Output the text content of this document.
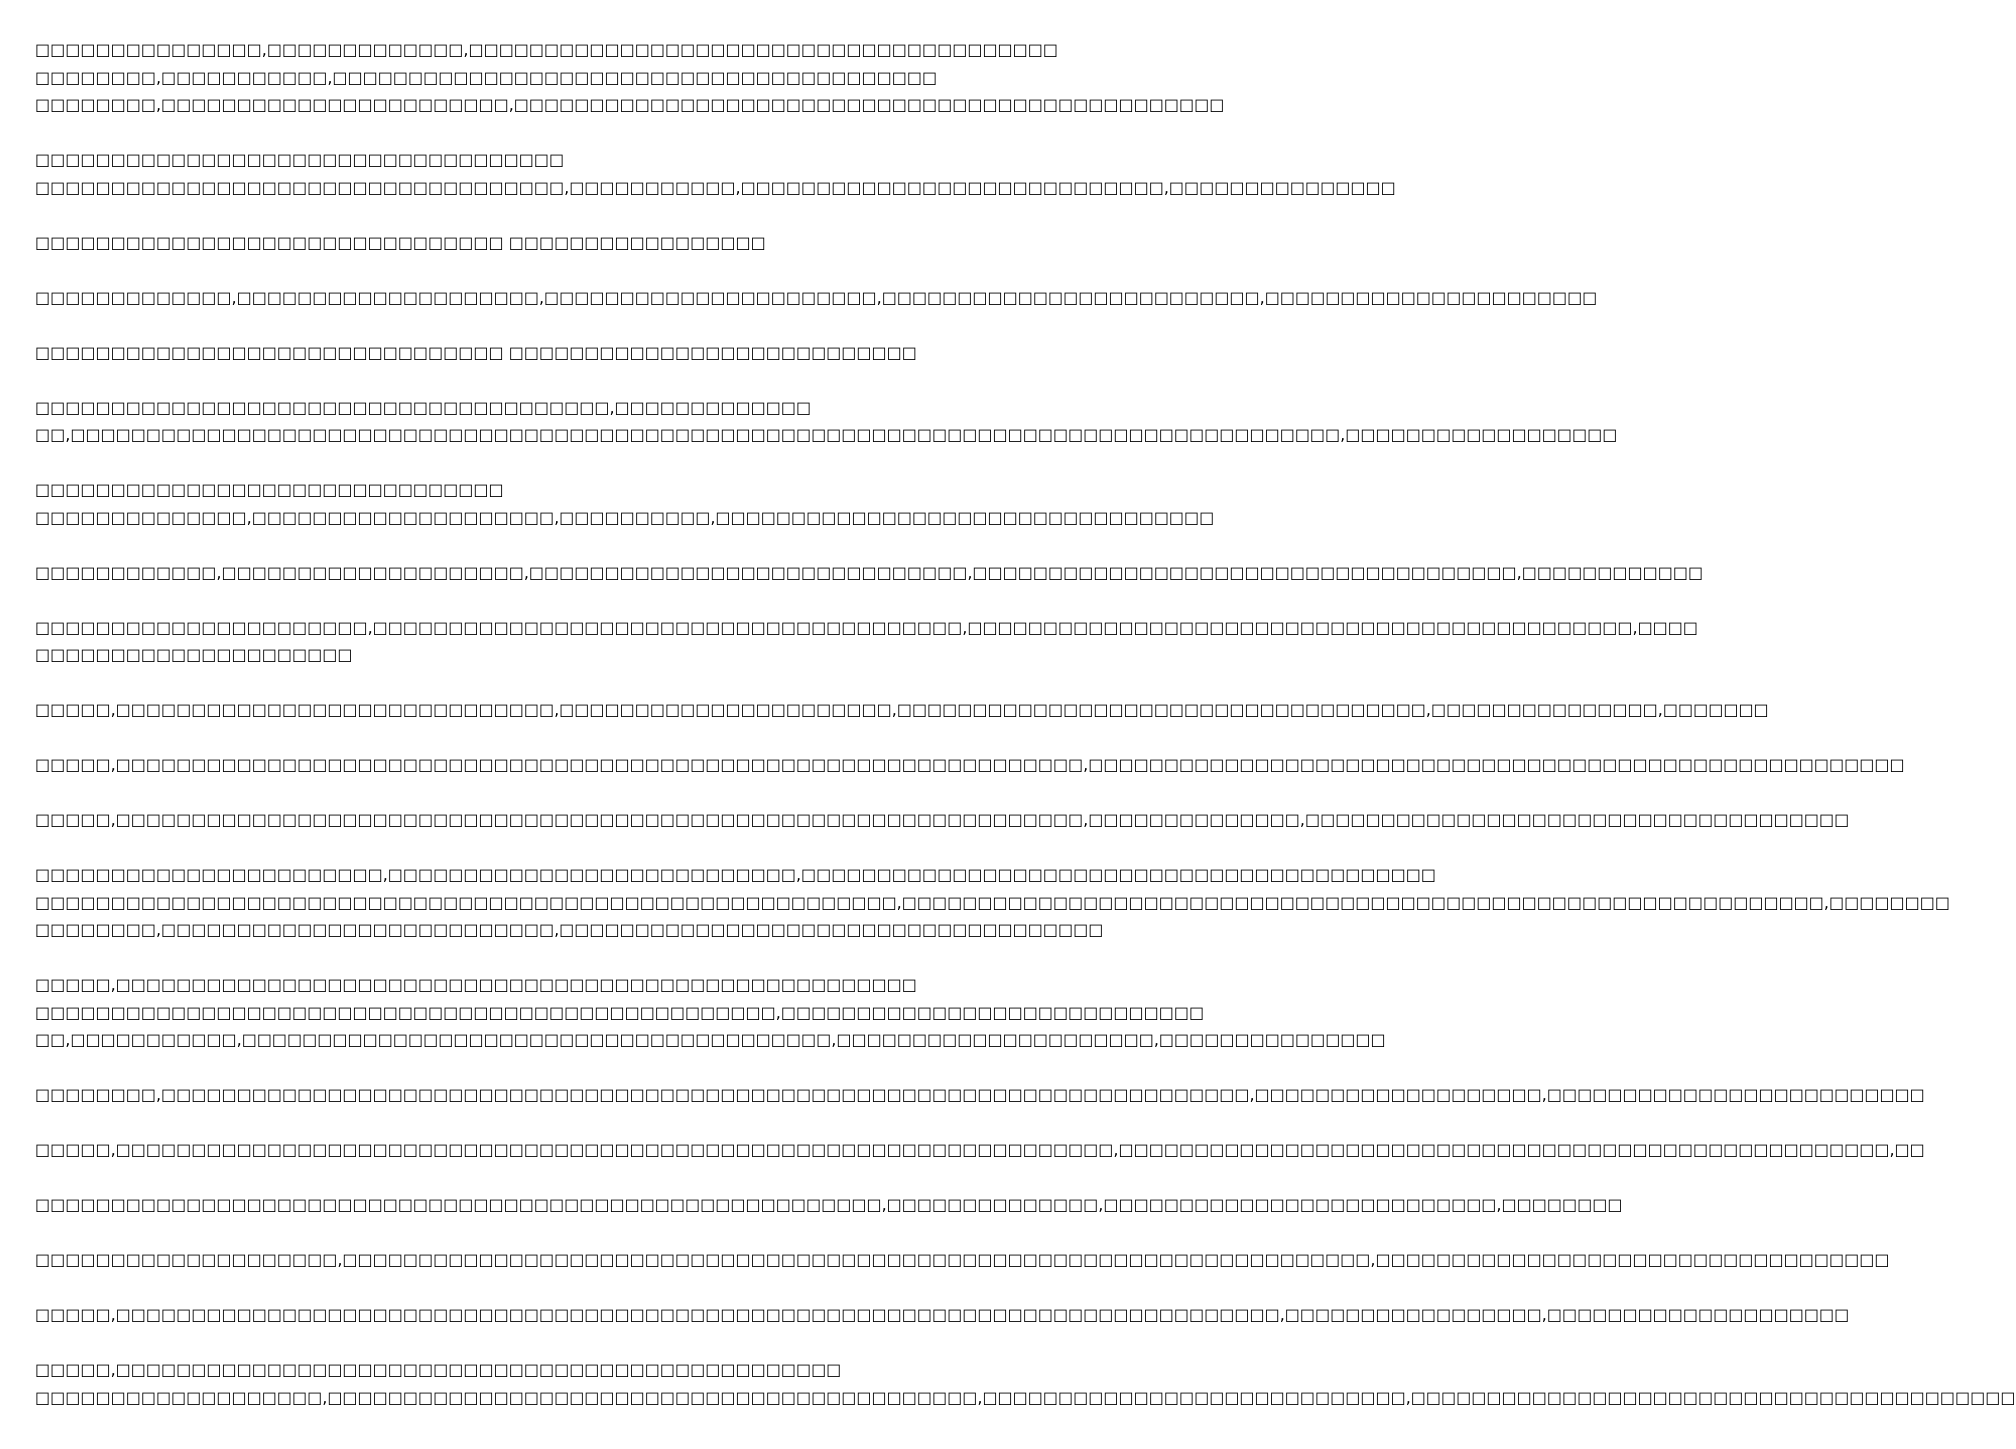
□□□□□□□□□□□□□□□,□□□□□□□□□□□□□,□□□□□□□□□□□□□□□□□□□□□□□□□□□□□□□□□□□□□□□
□□□□□□□□,□□□□□□□□□□□,□□□□□□□□□□□□□□□□□□□□□□□□□□□□□□□□□□□□□□□□
□□□□□□□□,□□□□□□□□□□□□□□□□□□□□□□□,□□□□□□□□□□□□□□□□□□□□□□□□□□□□□□□□□□□□□□□□□□□□□□□

□□□□□□□□□□□□□□□□□□□□□□□□□□□□□□□□□□□
□□□□□□□□□□□□□□□□□□□□□□□□□□□□□□□□□□□,□□□□□□□□□□□,□□□□□□□□□□□□□□□□□□□□□□□□□□□□,□□□□□□□□□□□□□□□

□□□□□□□□□□□□□□□□□□□□□□□□□□□□□□□ □□□□□□□□□□□□□□□□□

□□□□□□□□□□□□□,□□□□□□□□□□□□□□□□□□□□,□□□□□□□□□□□□□□□□□□□□□□,□□□□□□□□□□□□□□□□□□□□□□□□□,□□□□□□□□□□□□□□□□□□□□□□

□□□□□□□□□□□□□□□□□□□□□□□□□□□□□□□ □□□□□□□□□□□□□□□□□□□□□□□□□□□

□□□□□□□□□□□□□□□□□□□□□□□□□□□□□□□□□□□□□□,□□□□□□□□□□□□□
□□,□□□□□□□□□□□□□□□□□□□□□□□□□□□□□□□□□□□□□□□□□□□□□□□□□□□□□□□□□□□□□□□□□□□□□□□□□□□□□□□□□□□□,□□□□□□□□□□□□□□□□□□

□□□□□□□□□□□□□□□□□□□□□□□□□□□□□□□
□□□□□□□□□□□□□□,□□□□□□□□□□□□□□□□□□□□,□□□□□□□□□□,□□□□□□□□□□□□□□□□□□□□□□□□□□□□□□□□□

□□□□□□□□□□□□,□□□□□□□□□□□□□□□□□□□□,□□□□□□□□□□□□□□□□□□□□□□□□□□□□□,□□□□□□□□□□□□□□□□□□□□□□□□□□□□□□□□□□□□,□□□□□□□□□□□□

□□□□□□□□□□□□□□□□□□□□□□,□□□□□□□□□□□□□□□□□□□□□□□□□□□□□□□□□□□□□□□,□□□□□□□□□□□□□□□□□□□□□□□□□□□□□□□□□□□□□□□□□□□□,□□□□
□□□□□□□□□□□□□□□□□□□□□

□□□□□,□□□□□□□□□□□□□□□□□□□□□□□□□□□□□,□□□□□□□□□□□□□□□□□□□□□□,□□□□□□□□□□□□□□□□□□□□□□□□□□□□□□□□□□□,□□□□□□□□□□□□□□□,□□□□□□□

□□□□□,□□□□□□□□□□□□□□□□□□□□□□□□□□□□□□□□□□□□□□□□□□□□□□□□□□□□□□□□□□□□□□□□,□□□□□□□□□□□□□□□□□□□□□□□□□□□□□□□□□□□□□□□□□□□□□□□□□□□□□□

□□□□□,□□□□□□□□□□□□□□□□□□□□□□□□□□□□□□□□□□□□□□□□□□□□□□□□□□□□□□□□□□□□□□□□,□□□□□□□□□□□□□□,□□□□□□□□□□□□□□□□□□□□□□□□□□□□□□□□□□□□

□□□□□□□□□□□□□□□□□□□□□□□,□□□□□□□□□□□□□□□□□□□□□□□□□□□,□□□□□□□□□□□□□□□□□□□□□□□□□□□□□□□□□□□□□□□□□□
□□□□□□□□□□□□□□□□□□□□□□□□□□□□□□□□□□□□□□□□□□□□□□□□□□□□□□□□□,□□□□□□□□□□□□□□□□□□□□□□□□□□□□□□□□□□□□□□□□□□□□□□□□□□□□□□□□□□□□□,□□□□□□□□
□□□□□□□□,□□□□□□□□□□□□□□□□□□□□□□□□□□,□□□□□□□□□□□□□□□□□□□□□□□□□□□□□□□□□□□□

□□□□□,□□□□□□□□□□□□□□□□□□□□□□□□□□□□□□□□□□□□□□□□□□□□□□□□□□□□□
□□□□□□□□□□□□□□□□□□□□□□□□□□□□□□□□□□□□□□□□□□□□□□□□□,□□□□□□□□□□□□□□□□□□□□□□□□□□□□
□□,□□□□□□□□□□□,□□□□□□□□□□□□□□□□□□□□□□□□□□□□□□□□□□□□□□□,□□□□□□□□□□□□□□□□□□□□□,□□□□□□□□□□□□□□□

□□□□□□□□,□□□□□□□□□□□□□□□□□□□□□□□□□□□□□□□□□□□□□□□□□□□□□□□□□□□□□□□□□□□□□□□□□□□□□□□□,□□□□□□□□□□□□□□□□□□□,□□□□□□□□□□□□□□□□□□□□□□□□□

□□□□□,□□□□□□□□□□□□□□□□□□□□□□□□□□□□□□□□□□□□□□□□□□□□□□□□□□□□□□□□□□□□□□□□□□,□□□□□□□□□□□□□□□□□□□□□□□□□□□□□□□□□□□□□□□□□□□□□□□□□□□,□□

□□□□□□□□□□□□□□□□□□□□□□□□□□□□□□□□□□□□□□□□□□□□□□□□□□□□□□□□,□□□□□□□□□□□□□□,□□□□□□□□□□□□□□□□□□□□□□□□□□,□□□□□□□□

□□□□□□□□□□□□□□□□□□□□,□□□□□□□□□□□□□□□□□□□□□□□□□□□□□□□□□□□□□□□□□□□□□□□□□□□□□□□□□□□□□□□□□□□□,□□□□□□□□□□□□□□□□□□□□□□□□□□□□□□□□□□

□□□□□,□□□□□□□□□□□□□□□□□□□□□□□□□□□□□□□□□□□□□□□□□□□□□□□□□□□□□□□□□□□□□□□□□□□□□□□□□□□□□,□□□□□□□□□□□□□□□□□,□□□□□□□□□□□□□□□□□□□□

□□□□□,□□□□□□□□□□□□□□□□□□□□□□□□□□□□□□□□□□□□□□□□□□□□□□□□
□□□□□□□□□□□□□□□□□□□,□□□□□□□□□□□□□□□□□□□□□□□□□□□□□□□□□□□□□□□□□□□,□□□□□□□□□□□□□□□□□□□□□□□□□□□□,□□□□□□□□□□□□□□□□□□□□□□□□□□□□□□□□□□□□□□□□
